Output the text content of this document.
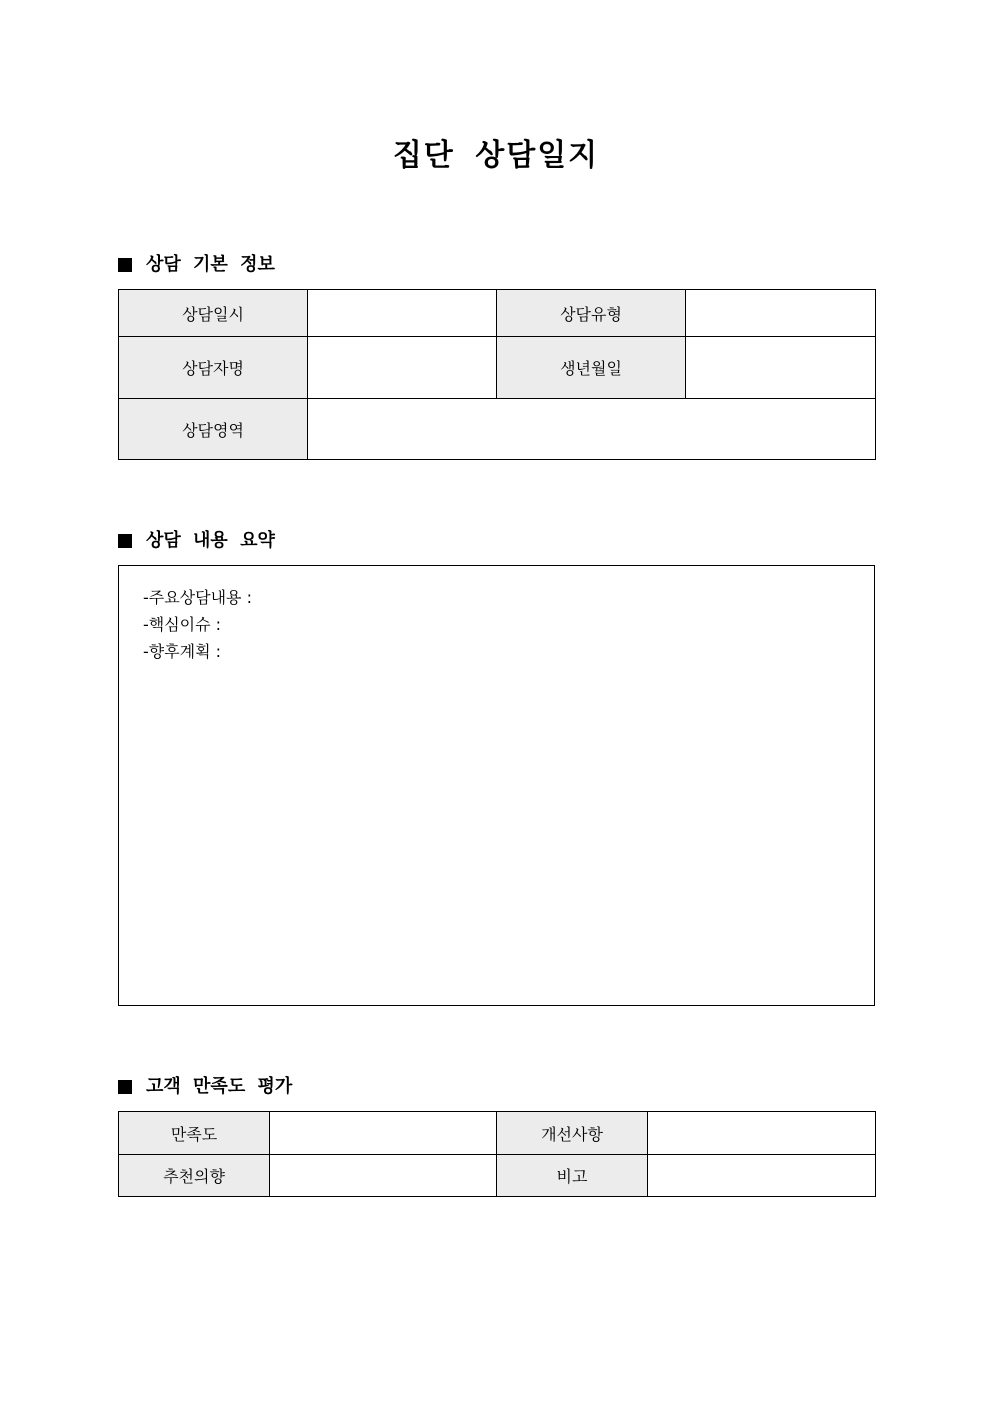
집단 상담일지
상담 기본 정보
상담일시		상담유형	
상담자명		생년월일	
상담영역			
상담 내용 요약
-주요상담내용 :
-핵심이슈 :
-향후계획 :
고객 만족도 평가
만족도		개선사항	
추천의향		비고	
